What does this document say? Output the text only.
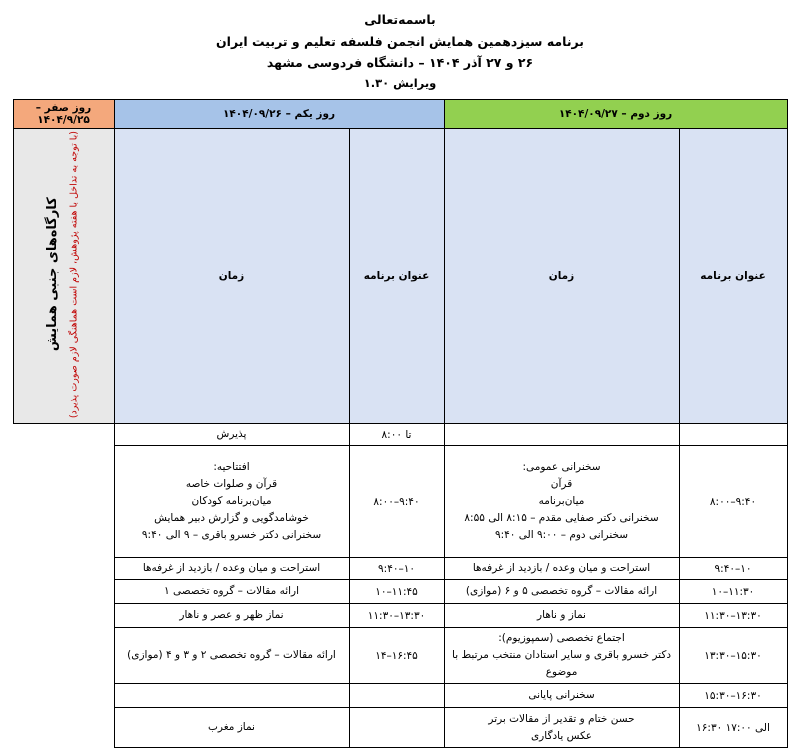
باسمه‌تعالی
برنامه سیزدهمین همایش انجمن فلسفه تعلیم و تربیت ایران
۲۶ و ۲۷ آذر ۱۴۰۴ – دانشگاه فردوسی مشهد
ویرایش ۱.۳۰
روز دوم – ۱۴۰۴/۰۹/۲۷		روز یکم – ۱۴۰۴/۰۹/۲۶		روز صفر – ۱۴۰۴/۹/۲۵
عنوان برنامه	زمان	عنوان برنامه	زمان	کارگاه‌های جنبی همایش (با توجه به تداخل با هفته پژوهش، لازم است هماهنگی لازم صورت پذیرد)
		تا ۸:۰۰	پذیرش	

۸:۰۰–۹:۴۰	سخنرانی عمومی:
قرآن
میان‌برنامه
سخنرانی دکتر صفایی مقدم – ۸:۱۵ الی ۸:۵۵
سخنرانی دوم – ۹:۰۰ الی ۹:۴۰	۸:۰۰–۹:۴۰	افتتاحیه:
قرآن و صلوات خاصه
میان‌برنامه کودکان
خوشامدگویی و گزارش دبیر همایش
سخنرانی دکتر خسرو باقری – ۹ الی ۹:۴۰	

۹:۴۰–۱۰	استراحت و میان وعده / بازدید از غرفه‌ها	۹:۴۰–۱۰	استراحت و میان وعده / بازدید از غرفه‌ها	

۱۰–۱۱:۳۰	ارائه مقالات – گروه تخصصی ۵ و ۶ (موازی)	۱۰–۱۱:۴۵	ارائه مقالات – گروه تخصصی ۱	

۱۱:۳۰–۱۳:۳۰	نماز و ناهار	۱۱:۳۰–۱۳:۳۰	نماز ظهر و عصر و ناهار	

۱۳:۳۰–۱۵:۳۰	اجتماع تخصصی (سمپوزیوم):
دکتر خسرو باقری و سایر استادان منتخب مرتبط با موضوع	۱۴–۱۶:۴۵	ارائه مقالات – گروه تخصصی ۲ و ۳ و ۴ (موازی)	

۱۵:۳۰–۱۶:۳۰	سخنرانی پایانی			

۱۶:۳۰ الی ۱۷:۰۰	حسن ختام و تقدیر از مقالات برتر
عکس یادگاری		نماز مغرب	
